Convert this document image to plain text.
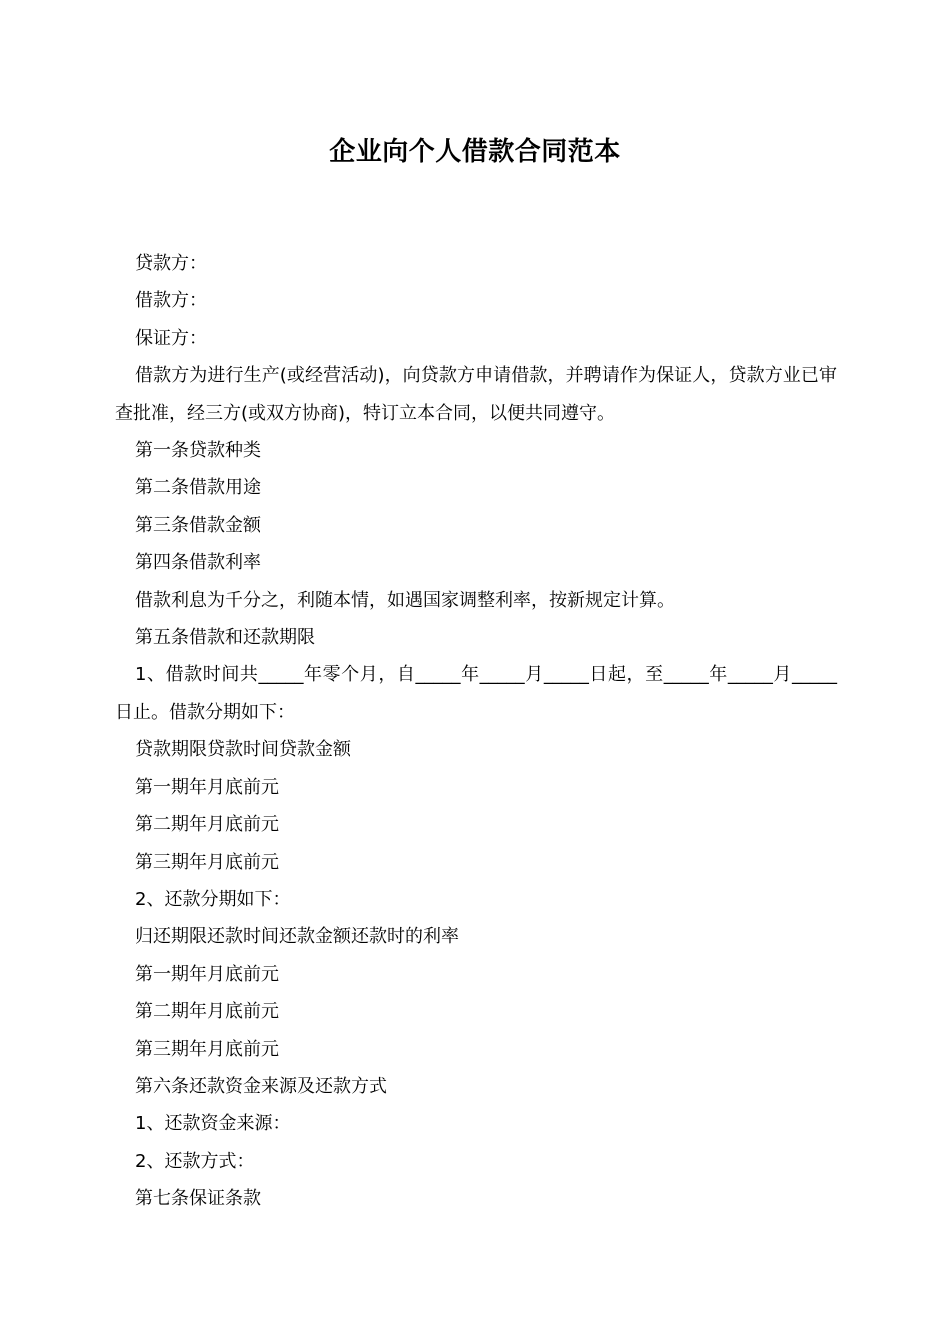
企业向个人借款合同范本

贷款方：

借款方：

保证方：

借款方为进行生产(或经营活动)，向贷款方申请借款，并聘请作为保证人，贷款方业已审查批准，经三方(或双方协商)，特订立本合同，以便共同遵守。

第一条贷款种类

第二条借款用途

第三条借款金额

第四条借款利率

借款利息为千分之，利随本情，如遇国家调整利率，按新规定计算。

第五条借款和还款期限

1、借款时间共_____年零个月，自_____年_____月_____日起，至_____年_____月_____日止。借款分期如下：

贷款期限贷款时间贷款金额

第一期年月底前元

第二期年月底前元

第三期年月底前元

2、还款分期如下：

归还期限还款时间还款金额还款时的利率

第一期年月底前元

第二期年月底前元

第三期年月底前元

第六条还款资金来源及还款方式

1、还款资金来源：

2、还款方式：

第七条保证条款
